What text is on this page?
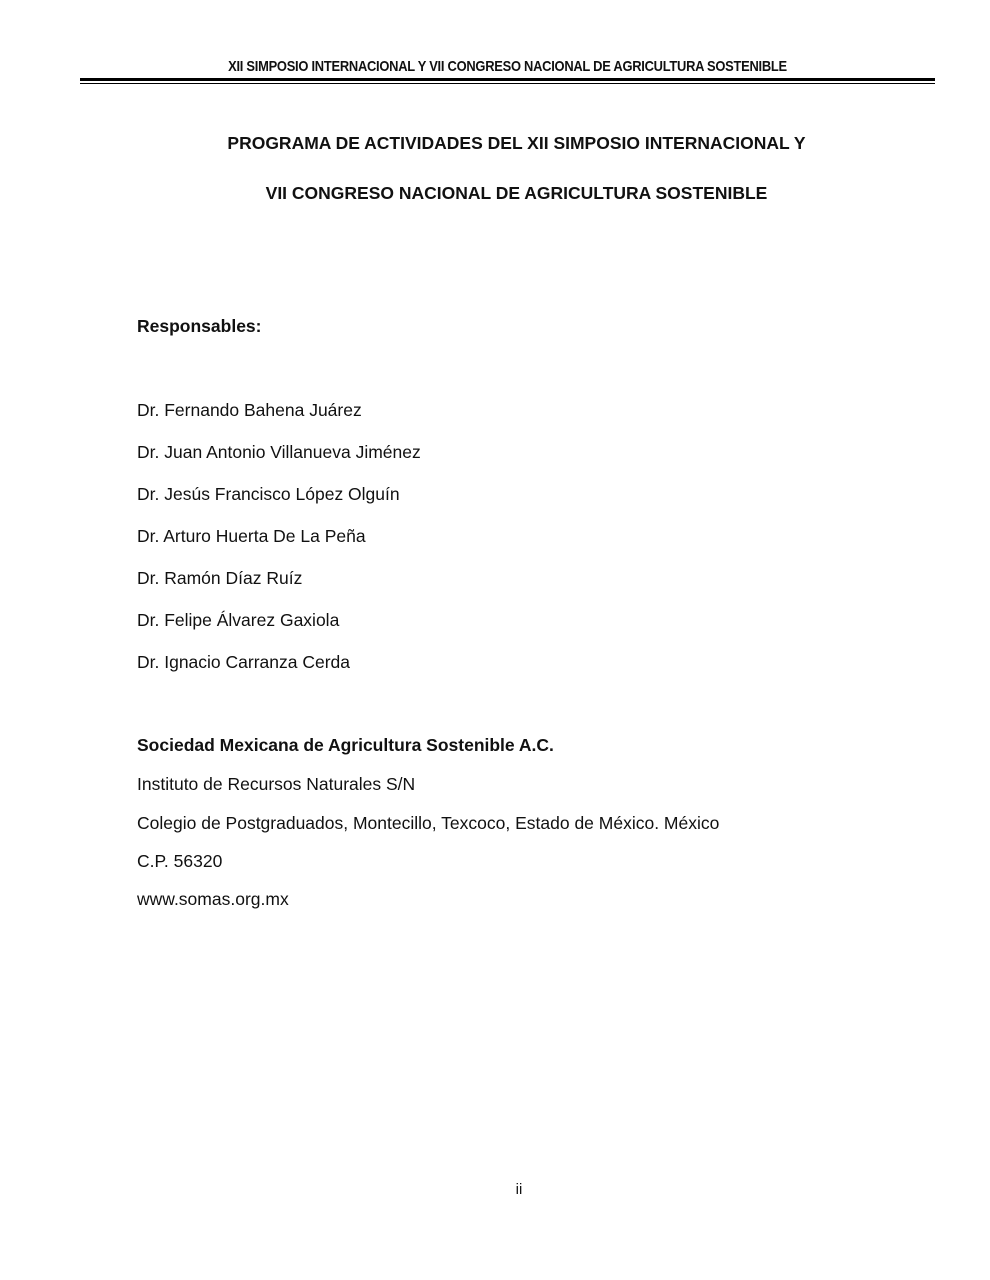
XII SIMPOSIO INTERNACIONAL Y VII CONGRESO NACIONAL DE AGRICULTURA SOSTENIBLE
PROGRAMA DE ACTIVIDADES DEL XII SIMPOSIO INTERNACIONAL Y
VII CONGRESO NACIONAL DE AGRICULTURA SOSTENIBLE
Responsables:
Dr. Fernando Bahena Juárez
Dr. Juan Antonio Villanueva Jiménez
Dr. Jesús Francisco López Olguín
Dr. Arturo Huerta De La Peña
Dr. Ramón Díaz Ruíz
Dr. Felipe Álvarez Gaxiola
Dr. Ignacio Carranza Cerda
Sociedad Mexicana de Agricultura Sostenible A.C.
Instituto de Recursos Naturales S/N
Colegio de Postgraduados, Montecillo, Texcoco, Estado de México. México
C.P. 56320
www.somas.org.mx
ii
